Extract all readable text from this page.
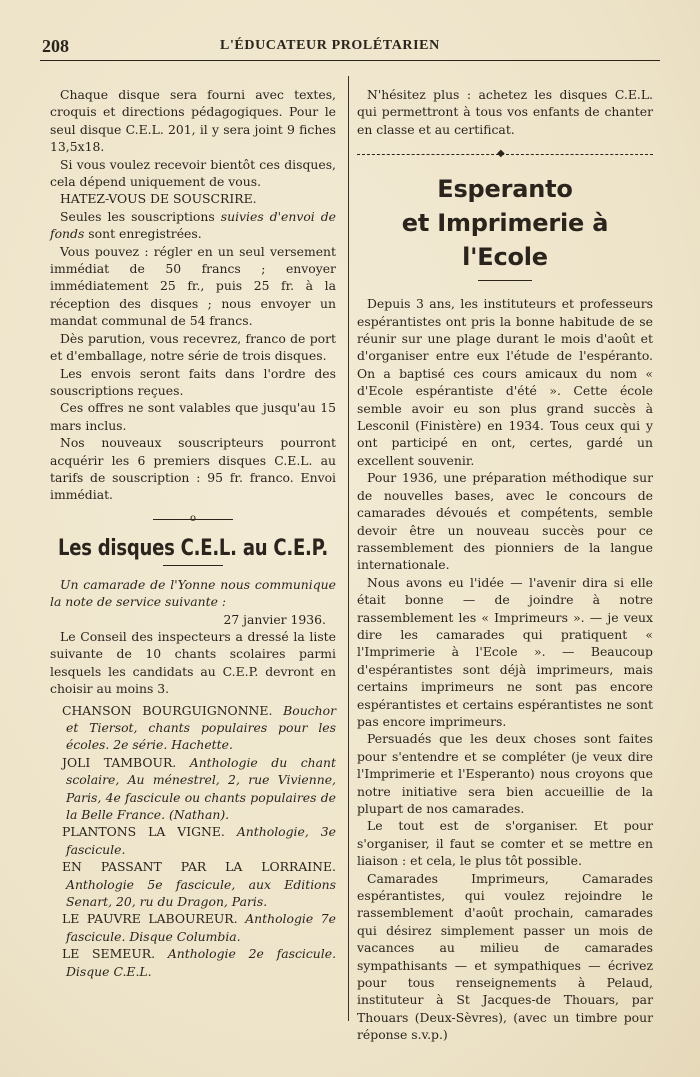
208	L'ÉDUCATEUR PROLÉTARIEN

Chaque disque sera fourni avec textes, croquis et directions pédagogiques. Pour le seul disque C.E.L. 201, il y sera joint 9 fiches 13,5x18.

Si vous voulez recevoir bientôt ces disques, cela dépend uniquement de vous.

HATEZ-VOUS DE SOUSCRIRE.

Seules les souscriptions suivies d'envoi de fonds sont enregistrées.

Vous pouvez : régler en un seul versement immédiat de 50 francs ; envoyer immédiatement 25 fr., puis 25 fr. à la réception des disques ; nous envoyer un mandat communal de 54 francs.

Dès parution, vous recevrez, franco de port et d'emballage, notre série de trois disques.

Les envois seront faits dans l'ordre des souscriptions reçues.

Ces offres ne sont valables que jusqu'au 15 mars inclus.

Nos nouveaux souscripteurs pourront acquérir les 6 premiers disques C.E.L. au tarifs de souscription : 95 fr. franco. Envoi immédiat.

o
Les disques C.E.L. au C.E.P.

Un camarade de l'Yonne nous communique la note de service suivante :

27 janvier 1936.

Le Conseil des inspecteurs a dressé la liste suivante de 10 chants scolaires parmi lesquels les candidats au C.E.P. devront en choisir au moins 3.

CHANSON BOURGUIGNONNE. Bouchor et Tiersot, chants populaires pour les écoles. 2e série. Hachette.

JOLI TAMBOUR. Anthologie du chant scolaire, Au ménestrel, 2, rue Vivienne, Paris, 4e fascicule ou chants populaires de la Belle France. (Nathan).

PLANTONS LA VIGNE. Anthologie, 3e fascicule.

EN PASSANT PAR LA LORRAINE. Anthologie 5e fascicule, aux Editions Senart, 20, ru du Dragon, Paris.

LE PAUVRE LABOUREUR. Anthologie 7e fascicule. Disque Columbia.

LE SEMEUR. Anthologie 2e fascicule. Disque C.E.L.

N'hésitez plus : achetez les disques C.E.L. qui permettront à tous vos enfants de chanter en classe et au certificat.

◆
Esperanto
et Imprimerie à l'Ecole

Depuis 3 ans, les instituteurs et professeurs espérantistes ont pris la bonne habitude de se réunir sur une plage durant le mois d'août et d'organiser entre eux l'étude de l'espéranto. On a baptisé ces cours amicaux du nom « d'Ecole espérantiste d'été ». Cette école semble avoir eu son plus grand succès à Lesconil (Finistère) en 1934. Tous ceux qui y ont participé en ont, certes, gardé un excellent souvenir.

Pour 1936, une préparation méthodique sur de nouvelles bases, avec le concours de camarades dévoués et compétents, semble devoir être un nouveau succès pour ce rassemblement des pionniers de la langue internationale.

Nous avons eu l'idée — l'avenir dira si elle était bonne — de joindre à notre rassemblement les « Imprimeurs ». — je veux dire les camarades qui pratiquent « l'Imprimerie à l'Ecole ». — Beaucoup d'espérantistes sont déjà imprimeurs, mais certains imprimeurs ne sont pas encore espérantistes et certains espérantistes ne sont pas encore imprimeurs.

Persuadés que les deux choses sont faites pour s'entendre et se compléter (je veux dire l'Imprimerie et l'Esperanto) nous croyons que notre initiative sera bien accueillie de la plupart de nos camarades.

Le tout est de s'organiser. Et pour s'organiser, il faut se comter et se mettre en liaison : et cela, le plus tôt possible.

Camarades Imprimeurs, Camarades espérantistes, qui voulez rejoindre le rassemblement d'août prochain, camarades qui désirez simplement passer un mois de vacances au milieu de camarades sympathisants — et sympathiques — écrivez pour tous renseignements à Pelaud, instituteur à St Jacques-de Thouars, par Thouars (Deux-Sèvres), (avec un timbre pour réponse s.v.p.)
